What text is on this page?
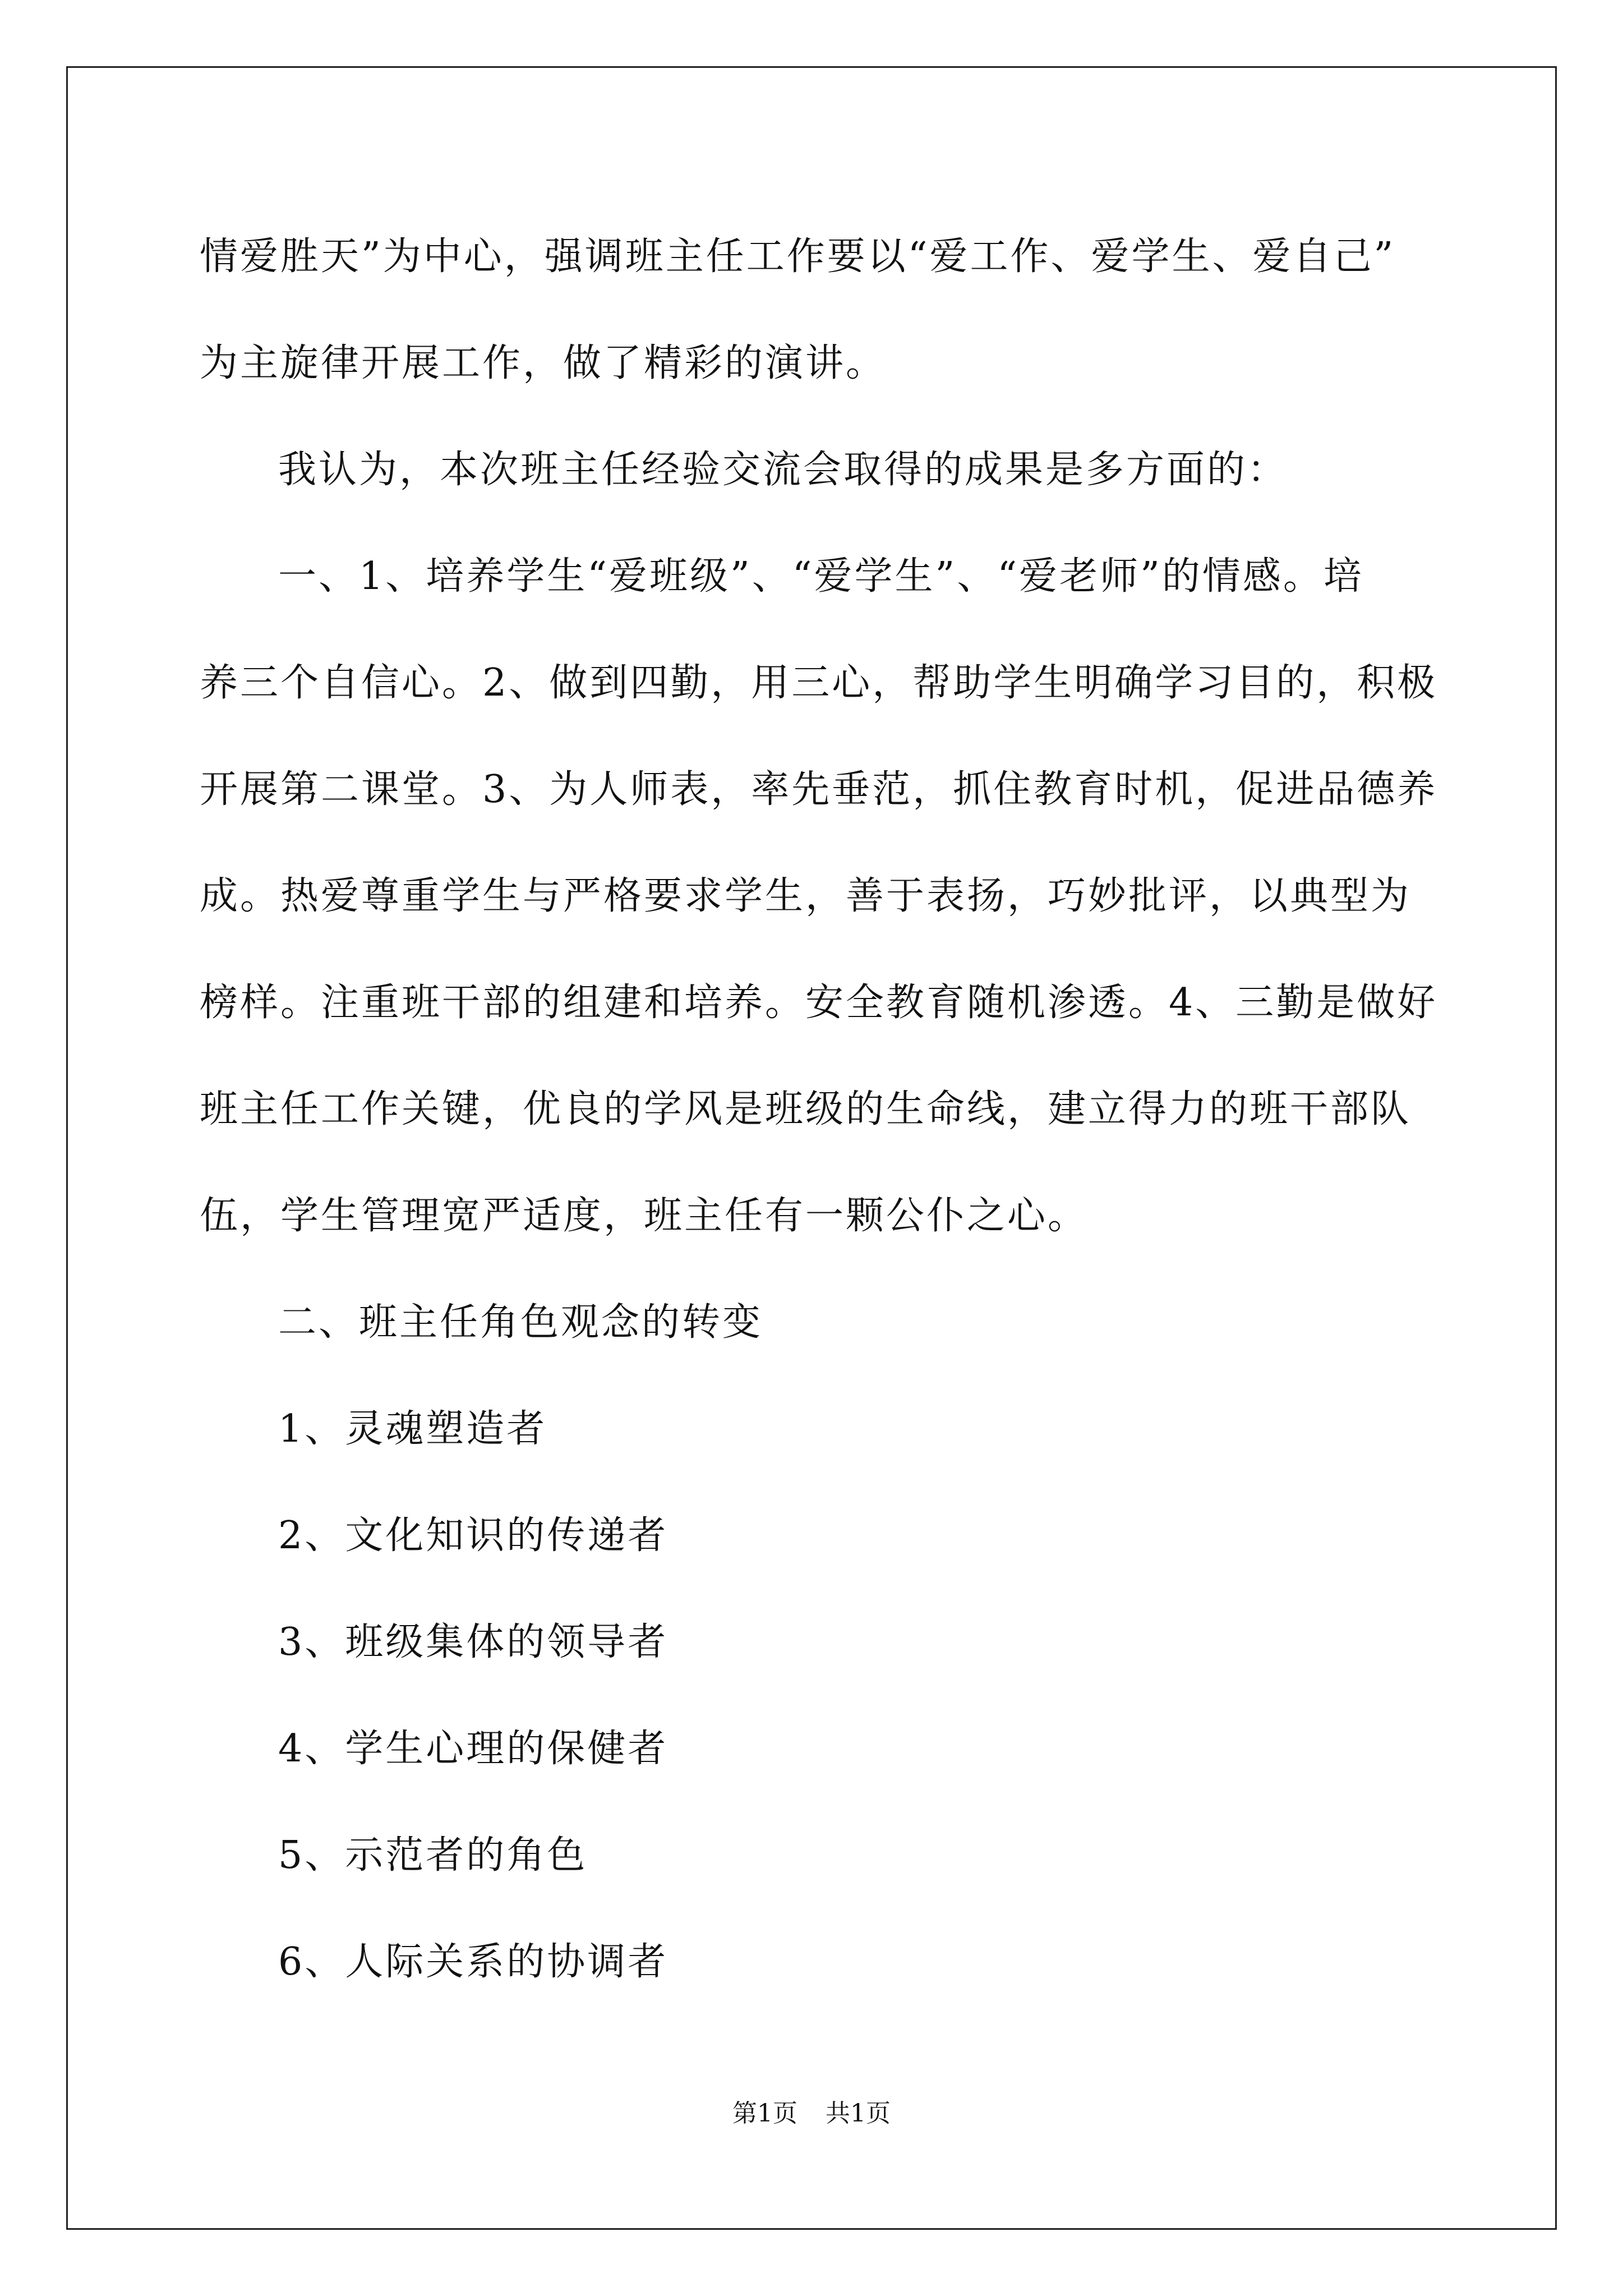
情爱胜天”为中心，强调班主任工作要以“爱工作、爱学生、爱自己”
为主旋律开展工作，做了精彩的演讲。
我认为，本次班主任经验交流会取得的成果是多方面的：
一、1、培养学生“爱班级”、“爱学生”、“爱老师”的情感。培
养三个自信心。2、做到四勤，用三心，帮助学生明确学习目的，积极
开展第二课堂。3、为人师表，率先垂范，抓住教育时机，促进品德养
成。热爱尊重学生与严格要求学生，善于表扬，巧妙批评，以典型为
榜样。注重班干部的组建和培养。安全教育随机渗透。4、三勤是做好
班主任工作关键，优良的学风是班级的生命线，建立得力的班干部队
伍，学生管理宽严适度，班主任有一颗公仆之心。
二、班主任角色观念的转变
1、灵魂塑造者
2、文化知识的传递者
3、班级集体的领导者
4、学生心理的保健者
5、示范者的角色
6、人际关系的协调者
第1页 共1页
